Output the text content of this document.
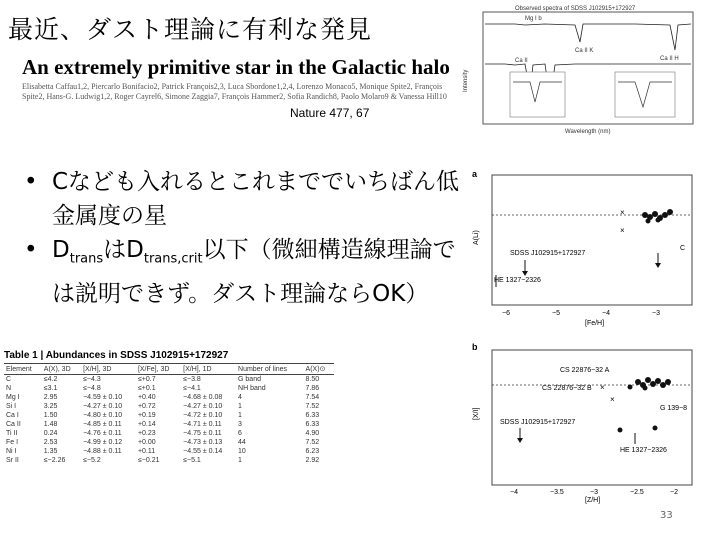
最近、ダスト理論に有利な発見
An extremely primitive star in the Galactic halo
Elisabetta Caffau1,2, Piercarlo Bonifacio2, Patrick François2,3, Luca Sbordone1,2,4, Lorenzo Monaco5, Monique Spite2, François Spite2, Hans-G. Ludwig1,2, Roger Cayrel6, Simone Zaggia7, François Hammer2, Sofia Randich8, Paolo Molaro9 & Vanessa Hill10
Nature 477, 67
• Cなども入れるとこれまででいちばん低金属度の星
• $D_{trans}$は$D_{trans,crit}$以下（微細構造線理論では説明できず。ダスト理論ならOK）
Table 1 | Abundances in SDSS J102915+172927
Element	A(X), 3D	[X/H], 3D	[X/Fe], 3D	[X/H], 1D	Number of lines	A(X)⊙
C	≤4.2	≤−4.3	≤+0.7	≤−3.8	G band	8.50
N	≤3.1	≤−4.8	≤+0.1	≤−4.1	NH band	7.86
Mg I	2.95	−4.59 ± 0.10	+0.40	−4.68 ± 0.08	4	7.54
Si I	3.25	−4.27 ± 0.10	+0.72	−4.27 ± 0.10	1	7.52
Ca I	1.50	−4.80 ± 0.10	+0.19	−4.72 ± 0.10	1	6.33
Ca II	1.48	−4.85 ± 0.11	+0.14	−4.71 ± 0.11	3	6.33
Ti II	0.24	−4.76 ± 0.11	+0.23	−4.75 ± 0.11	6	4.90
Fe I	2.53	−4.99 ± 0.12	+0.00	−4.73 ± 0.13	44	7.52
Ni I	1.35	−4.88 ± 0.11	+0.11	−4.55 ± 0.14	10	6.23
Sr II	≤−2.26	≤−5.2	≤−0.21	≤−5.1	1	2.92
Observed spectra of SDSS J102915+172927
Intensity
Wavelength (nm)
Ca II K
Ca II H
Ca II
Mg I b
a
A(Li)
[Fe/H]
−6	−5	−4	−3
×
×
SDSS J102915+172927
HE 1327−2326
C
b
[X/I]
[Z/H]
−4	−3.5	−3	−2.5	−2
CS 22876−32 A
CS 22876−32 B ×
×
SDSS J102915+172927
G 139−8
HE 1327−2326
33
